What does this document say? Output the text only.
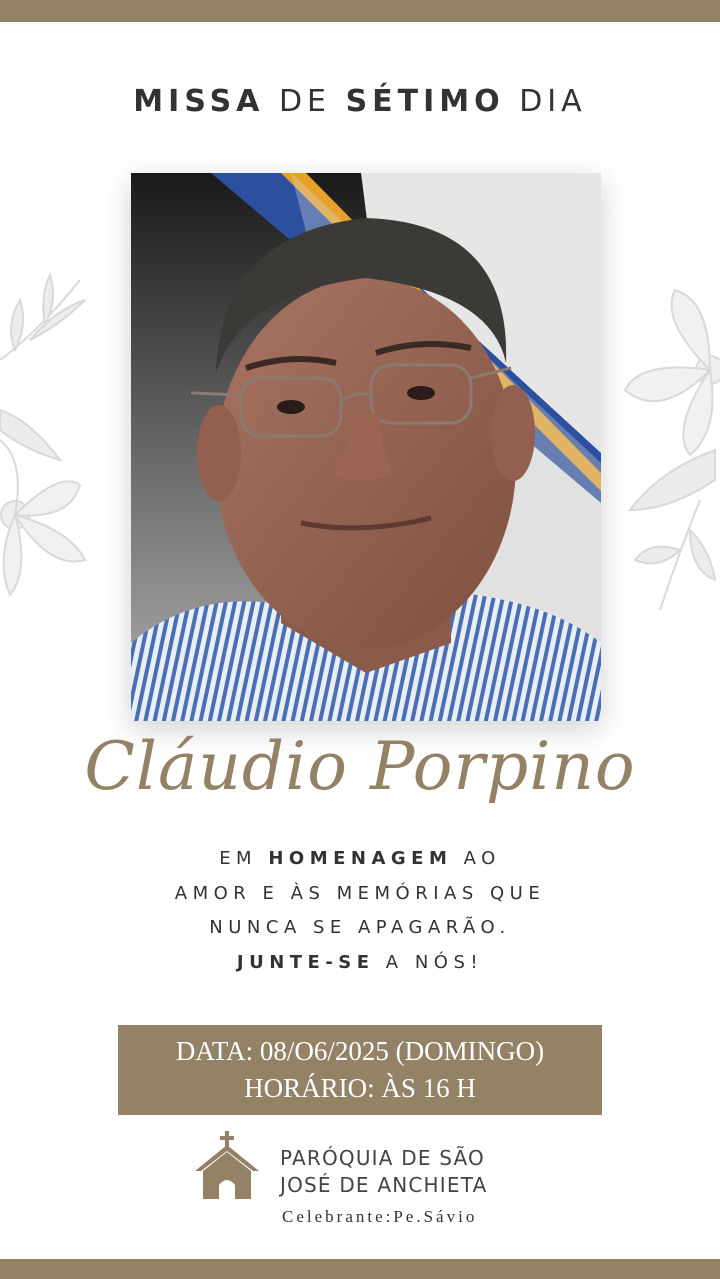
MISSA DE SÉTIMO DIA
Cláudio Porpino
EM HOMENAGEM AO
AMOR E ÀS MEMÓRIAS QUE
NUNCA SE APAGARÃO.
JUNTE-SE A NÓS!
DATA: 08/O6/2025 (DOMINGO)
HORÁRIO: ÀS 16 H
PARÓQUIA DE SÃO
JOSÉ DE ANCHIETA
Celebrante:Pe.Sávio
